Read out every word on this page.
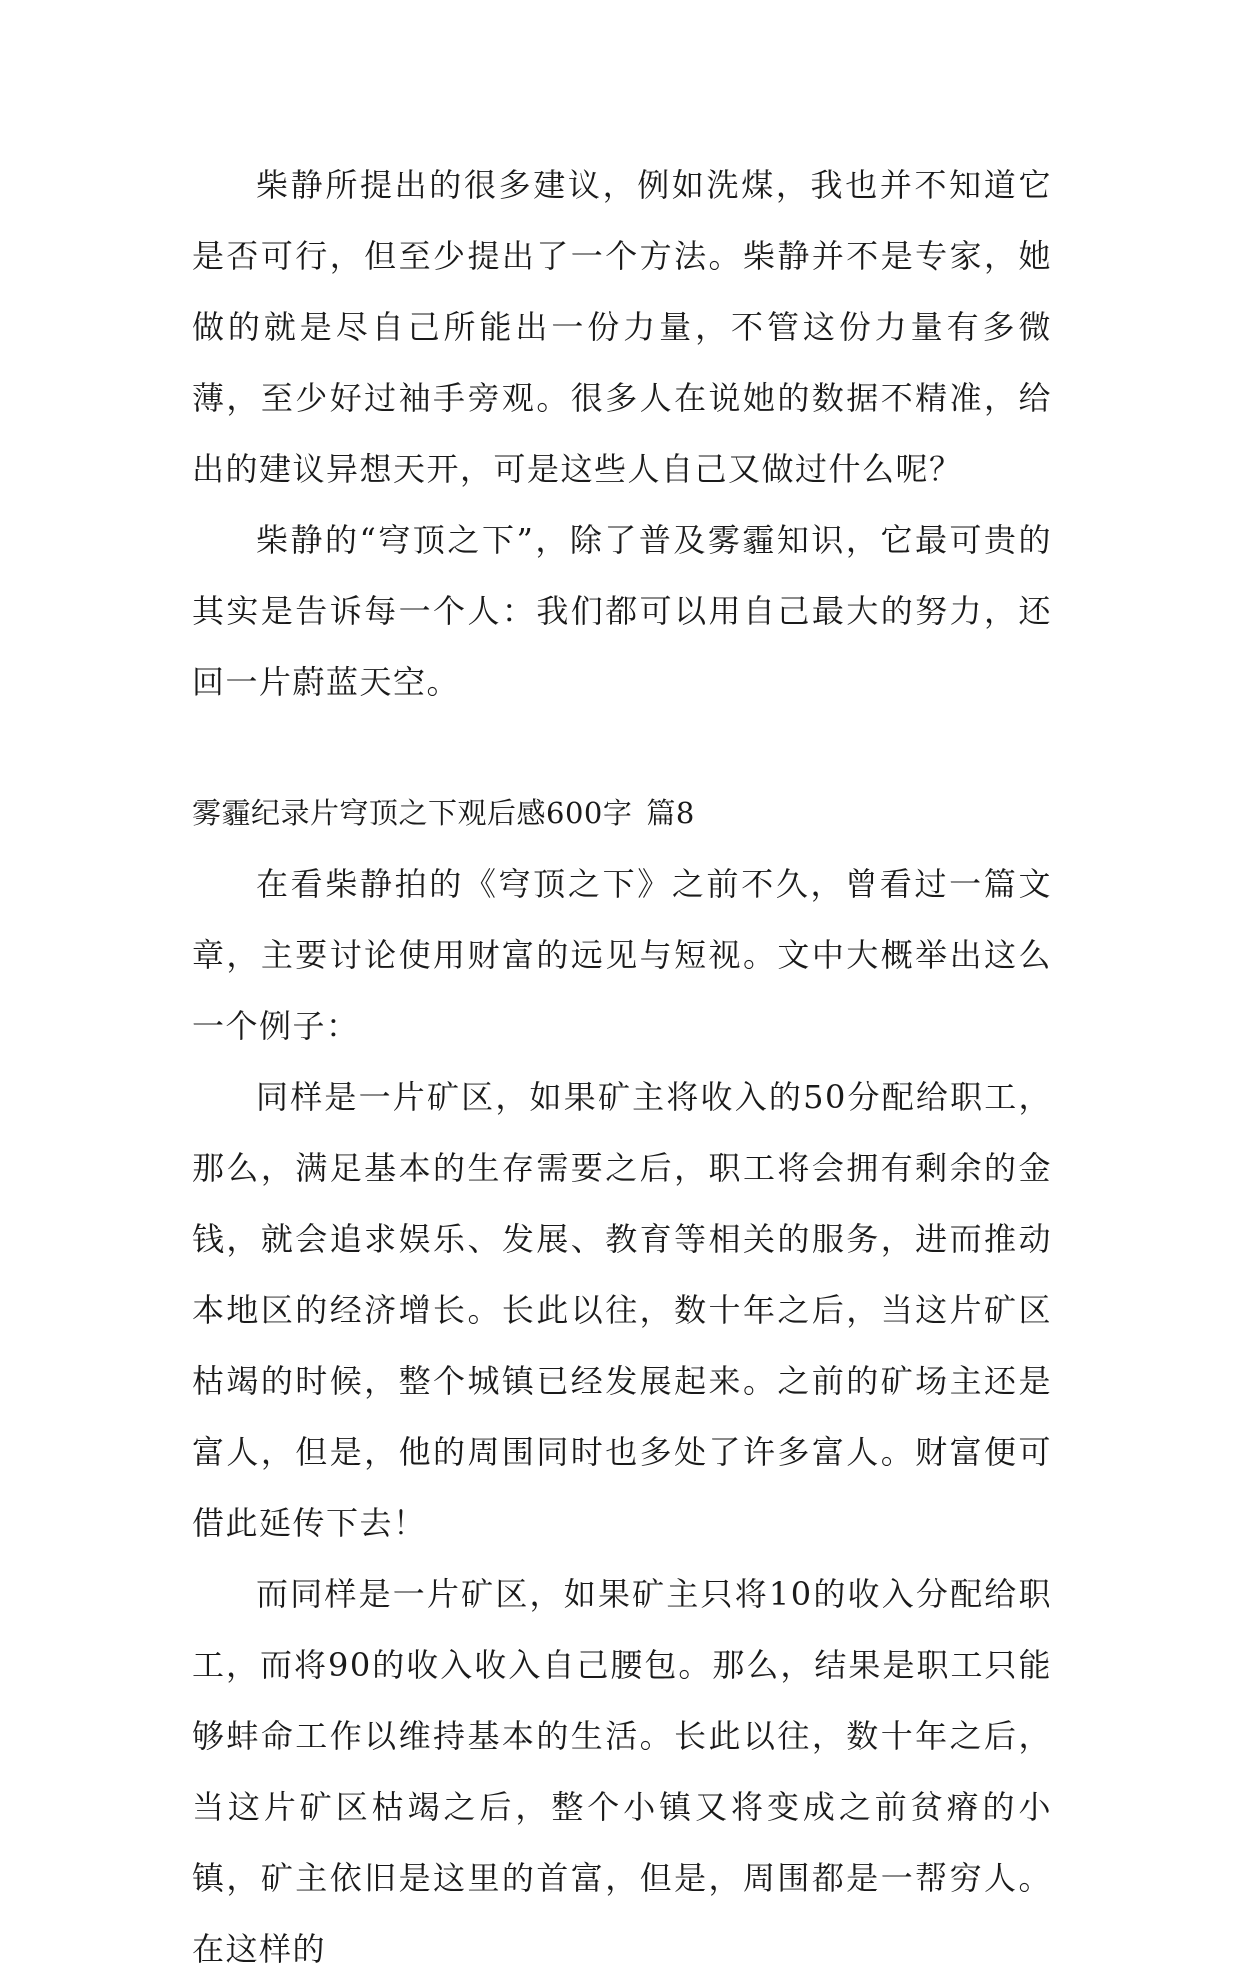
柴静所提出的很多建议，例如洗煤，我也并不知道它是否可行，但至少提出了一个方法。柴静并不是专家，她做的就是尽自己所能出一份力量，不管这份力量有多微薄，至少好过袖手旁观。很多人在说她的数据不精准，给出的建议异想天开，可是这些人自己又做过什么呢？

柴静的“穹顶之下”，除了普及雾霾知识，它最可贵的其实是告诉每一个人：我们都可以用自己最大的努力，还回一片蔚蓝天空。

雾霾纪录片穹顶之下观后感600字 篇8

在看柴静拍的《穹顶之下》之前不久，曾看过一篇文章，主要讨论使用财富的远见与短视。文中大概举出这么一个例子：

同样是一片矿区，如果矿主将收入的50分配给职工，那么，满足基本的生存需要之后，职工将会拥有剩余的金钱，就会追求娱乐、发展、教育等相关的服务，进而推动本地区的经济增长。长此以往，数十年之后，当这片矿区枯竭的时候，整个城镇已经发展起来。之前的矿场主还是富人，但是，他的周围同时也多处了许多富人。财富便可借此延传下去！

而同样是一片矿区，如果矿主只将10的收入分配给职工，而将90的收入收入自己腰包。那么，结果是职工只能够蚌命工作以维持基本的生活。长此以往，数十年之后，当这片矿区枯竭之后，整个小镇又将变成之前贫瘠的小镇，矿主依旧是这里的首富，但是，周围都是一帮穷人。在这样的
